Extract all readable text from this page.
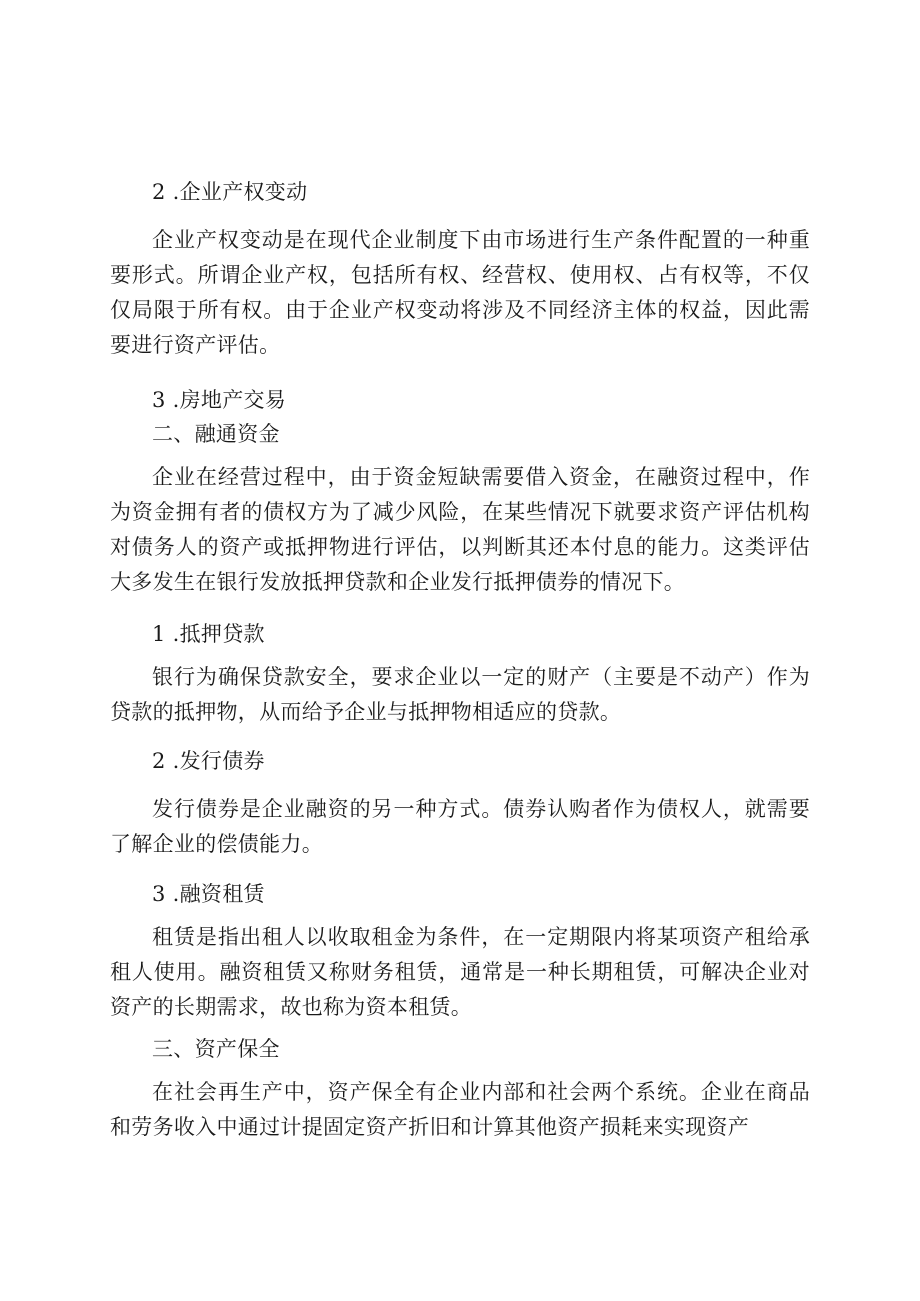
2 .企业产权变动
企业产权变动是在现代企业制度下由市场进行生产条件配置的一种重要形式。所谓企业产权，包括所有权、经营权、使用权、占有权等，不仅仅局限于所有权。由于企业产权变动将涉及不同经济主体的权益，因此需要进行资产评估。
3 .房地产交易
二、融通资金
企业在经营过程中，由于资金短缺需要借入资金，在融资过程中，作为资金拥有者的债权方为了减少风险，在某些情况下就要求资产评估机构对债务人的资产或抵押物进行评估，以判断其还本付息的能力。这类评估大多发生在银行发放抵押贷款和企业发行抵押债券的情况下。
1 .抵押贷款
银行为确保贷款安全，要求企业以一定的财产（主要是不动产）作为贷款的抵押物，从而给予企业与抵押物相适应的贷款。
2 .发行债券
发行债券是企业融资的另一种方式。债券认购者作为债权人，就需要了解企业的偿债能力。
3 .融资租赁
租赁是指出租人以收取租金为条件，在一定期限内将某项资产租给承租人使用。融资租赁又称财务租赁，通常是一种长期租赁，可解决企业对资产的长期需求，故也称为资本租赁。
三、资产保全
在社会再生产中，资产保全有企业内部和社会两个系统。企业在商品和劳务收入中通过计提固定资产折旧和计算其他资产损耗来实现资产
